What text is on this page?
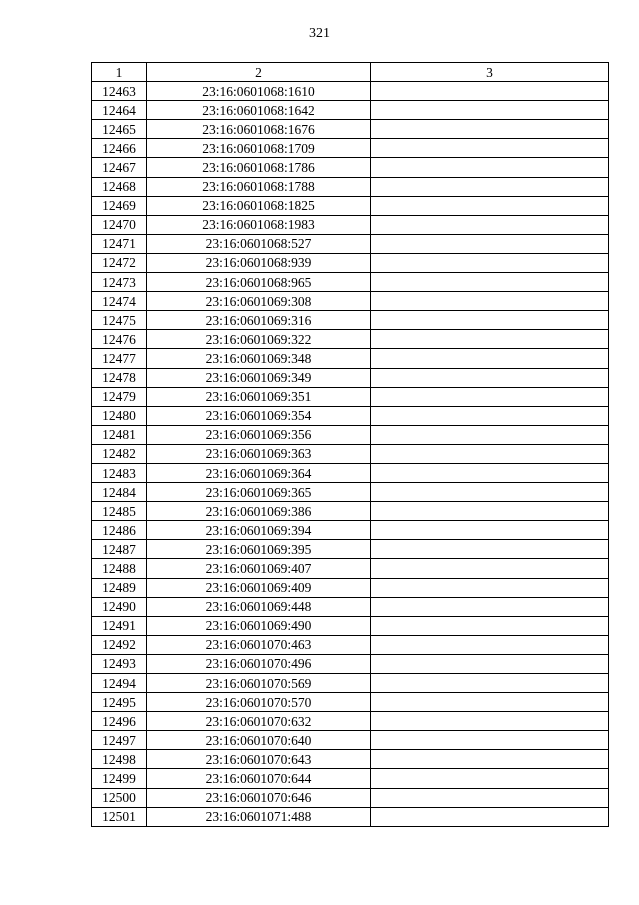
321
1	2	3
12463	23:16:0601068:1610	
12464	23:16:0601068:1642	
12465	23:16:0601068:1676	
12466	23:16:0601068:1709	
12467	23:16:0601068:1786	
12468	23:16:0601068:1788	
12469	23:16:0601068:1825	
12470	23:16:0601068:1983	
12471	23:16:0601068:527	
12472	23:16:0601068:939	
12473	23:16:0601068:965	
12474	23:16:0601069:308	
12475	23:16:0601069:316	
12476	23:16:0601069:322	
12477	23:16:0601069:348	
12478	23:16:0601069:349	
12479	23:16:0601069:351	
12480	23:16:0601069:354	
12481	23:16:0601069:356	
12482	23:16:0601069:363	
12483	23:16:0601069:364	
12484	23:16:0601069:365	
12485	23:16:0601069:386	
12486	23:16:0601069:394	
12487	23:16:0601069:395	
12488	23:16:0601069:407	
12489	23:16:0601069:409	
12490	23:16:0601069:448	
12491	23:16:0601069:490	
12492	23:16:0601070:463	
12493	23:16:0601070:496	
12494	23:16:0601070:569	
12495	23:16:0601070:570	
12496	23:16:0601070:632	
12497	23:16:0601070:640	
12498	23:16:0601070:643	
12499	23:16:0601070:644	
12500	23:16:0601070:646	
12501	23:16:0601071:488	
